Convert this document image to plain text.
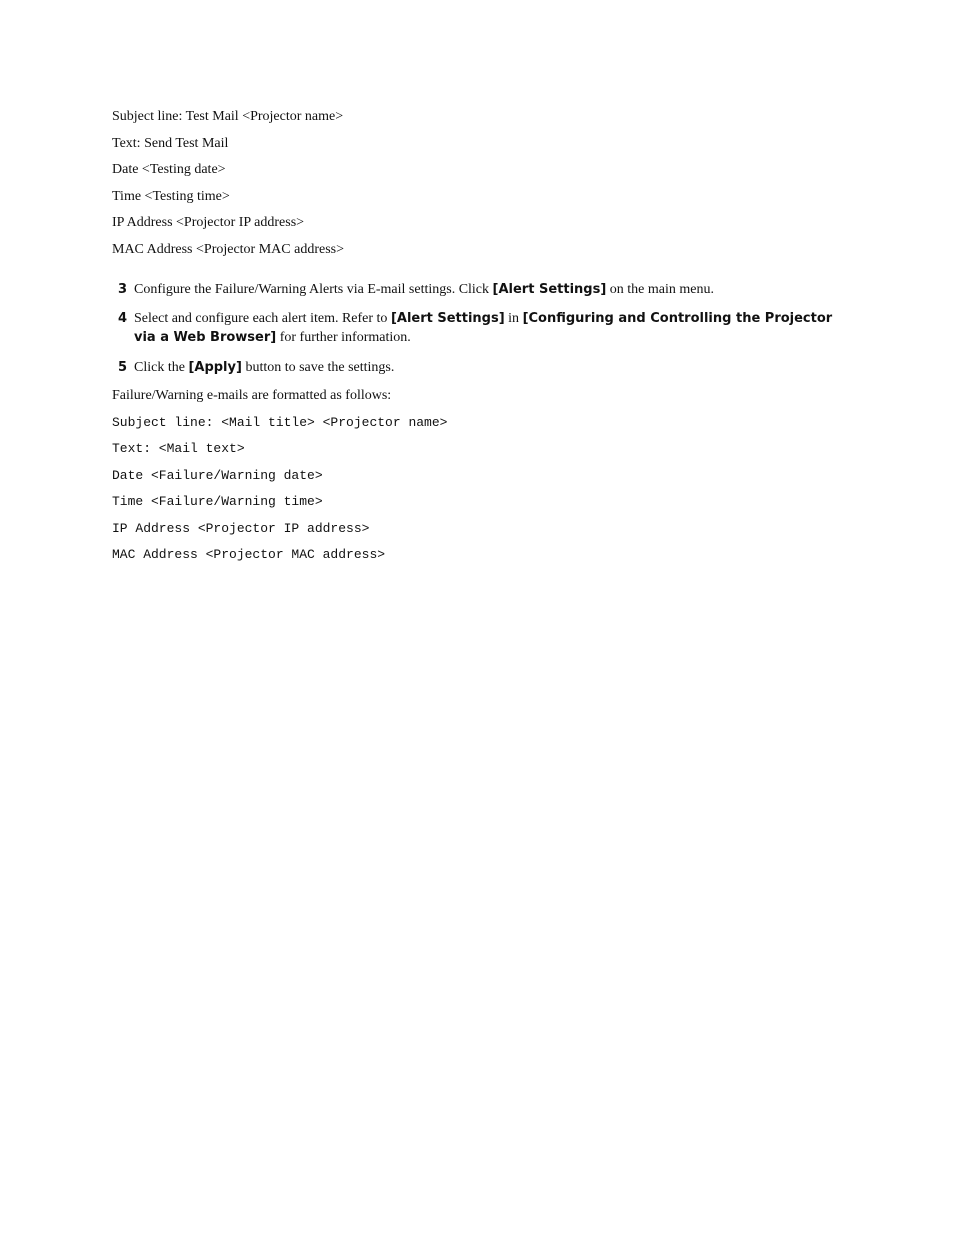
Subject line: Test Mail <Projector name>
Text: Send Test Mail
Date <Testing date>
Time <Testing time>
IP Address <Projector IP address>
MAC Address <Projector MAC address>
3 Configure the Failure/Warning Alerts via E-mail settings. Click [Alert Settings] on the main menu.
4 Select and configure each alert item. Refer to [Alert Settings] in [Configuring and Controlling the Projector via a Web Browser] for further information.
5 Click the [Apply] button to save the settings.
Failure/Warning e-mails are formatted as follows:
Subject line: <Mail title> <Projector name>
Text: <Mail text>
Date <Failure/Warning date>
Time <Failure/Warning time>
IP Address <Projector IP address>
MAC Address <Projector MAC address>
